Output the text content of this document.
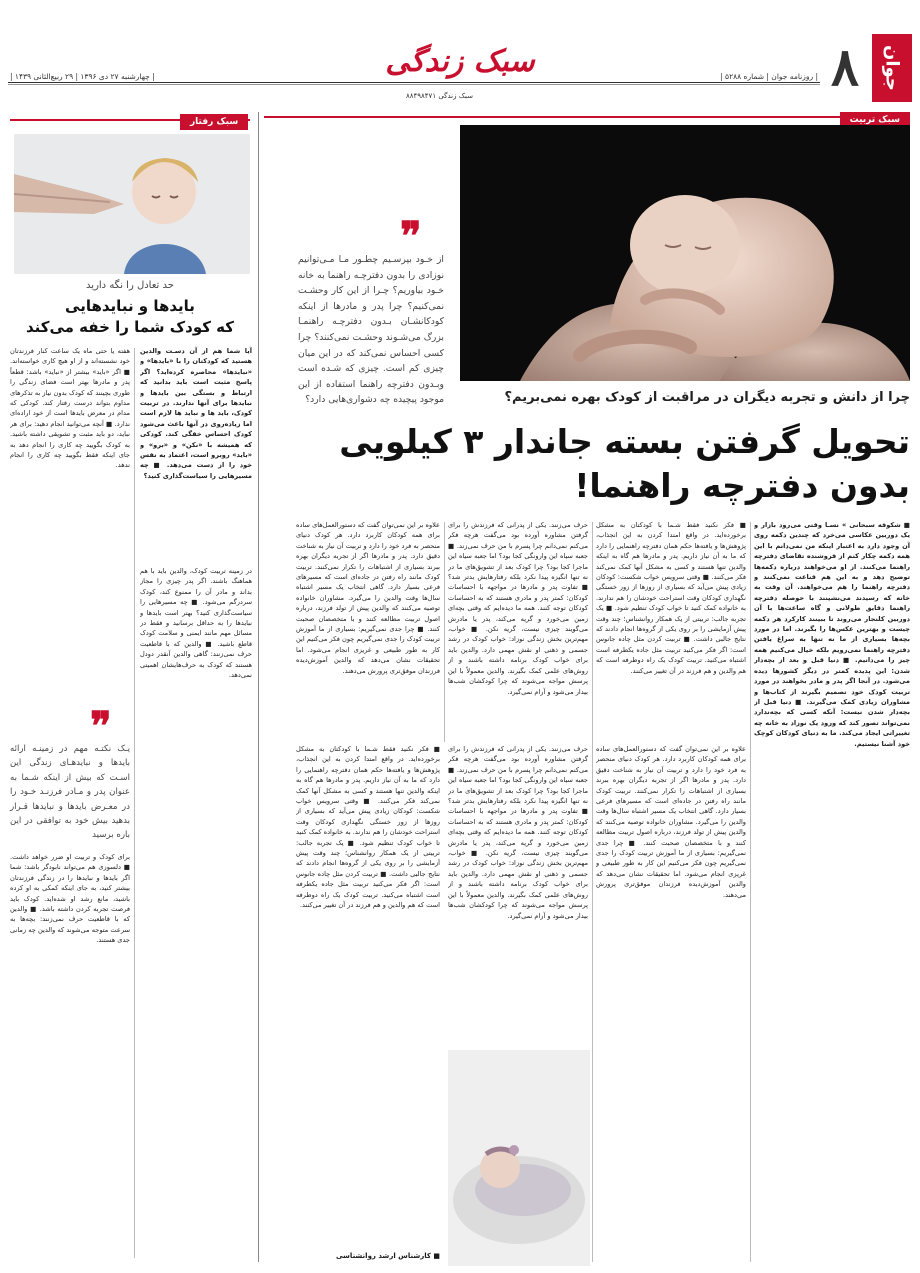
جوان
۸
| روزنامه جوان | شماره ۵۲۸۸ |
| چهارشنبه ۲۷ دی ۱۳۹۶ | ۲۹ ربیع‌الثانی ۱۴۳۹ |	سبک زندگی
سبک زندگی ۸۸۴۹۸۴۷۱
سبک تربیت
❞
از خـود بپرسـیم چطـور مـا مـی‌توانیم نوزادی را بدون دفترچـه راهنما به خانه خـود بیاوریم؟ چـرا از این کار وحشـت نمی‌کنیم؟ چرا پدر و مادرها از اینکه کودکانشـان بـدون دفترچـه راهنمـا بزرگ می‌شـوند وحشـت نمی‌کنند؟ چرا کسی احساس نمی‌کند که در این میان چیزی کم‌ است. چیزی که شـده است وبـدون دفترچه راهنما استفاده از این موجود پیچیده چه دشواری‌هایی دارد؟	چرا از دانش و تجربه دیگران در مراقبت از کودک بهره نمی‌بریم؟
تحویل گرفتن بسته جاندار ۳ کیلویی
بدون دفترچه راهنما!
■ شکوفه سبحانی » نسـا وقتی می‌رود بازار و یک دوربین عکاسی می‌خرد که چندین دکمه روی آن وجود دارد به اعتبار اینکه من نمی‌دانم با این همه دکمه چکار کنم از فروشنده تقاضای دفترچه راهنما می‌کنند. از او می‌خواهند درباره دکمه‌ها توضیح دهد و به این هم قناعت نمی‌کنند و دفترچه راهنما را هم می‌خواهند. آن وقت به خانه که رسیدند می‌نشینند با حوصله دفترچه راهنما دقایق طولانی و گاه ساعت‌ها با آن دوربین کلنجار می‌روند تا ببینند کارکرد هر دکمه چیست و بهترین عکس‌ها را بگیرند. اما در مورد بچه‌ها بسیاری از ما نه تنها به سراغ یافتن دفترچه راهنما نمی‌رویم بلکه خیال می‌کنیم همه چیز را می‌دانیم. ■ دنیا قبل و بعد از بچه‌دار شدن: این پدیده کمتر در دیگر کشورها دیده می‌شود. در آنجا اگر پدر و مادر بخواهند در مورد تربیت کودک خود تصمیم بگیرند از کتاب‌ها و مشاوران زیادی کمک می‌گیرند. ■ دنیا قبل از بچه‌دار شدن نیست: آنکه کسی که بچه‌ندارد نمی‌تواند تصور کند که ورود یک نوزاد به خانه چه تغییراتی ایجاد می‌کند. ما به دنیای کودکان کوچک خود آشنا نیستیم.
■ فکر نکنید فقط شـما با کودکتان به مشکل برخورده‌اید. در واقع امتدا کردن به این انجذاب، پژوهش‌ها و یافته‌ها حکم همان دفترچه راهنمایی را دارد که ما به آن نیاز داریم. پدر و مادرها هم گاه به اینکه والدین تنها هستند و کسی به مشکل آنها کمک نمی‌کند فکر می‌کنند. ■ وقتی سرویس خواب شکست: کودکان زیادی پیش می‌آید که بسیاری از روزها از زور خستگی نگهداری کودکان وقت استراحت خودشان را هم ندارند. به خانواده کمک کنید تا خواب کودک تنظیم شود. ■ یک تجربه جالب: تربیتی از یک همکار روانشناس؛ چند وقت پیش آزمایشی را بر روی یکی از گروه‌ها انجام دادند که نتایج جالبی داشت. ■ تربیت کردن مثل چاده جانوس است: اگر فکر می‌کنید تربیت مثل جاده یکطرفه است اشتباه می‌کنید. تربیت کودک یک راه دوطرفه است که هم والدین و هم فرزند در آن تغییر می‌کنند.
حرف می‌زنند. یکی از پدرانی که فرزندش را برای گرفتن مشاوره آورده بود می‌گفت هرچه فکر می‌کنم نمی‌دانم چرا پسرم با من حرف نمی‌زند. ■ جعبه سیاه این وارونگی کجا بود؟ اما جعبه سیاه این ماجرا کجا بود؟ چرا کودک بعد از تشویق‌های ما در نه تنها انگیزه پیدا نکرد بلکه رفتارهایش بدتر شد؟ ■ تفاوت پدر و مادرها در مواجهه با احساسات کودکان: کمتر پدر و مادری هستند که به احساسات کودکان توجه کنند. همه ما دیده‌ایم که وقتی بچه‌ای زمین می‌خورد و گریه می‌کند، پدر یا مادرش می‌گویند چیزی نیست، گریه نکن. ■ خواب، مهم‌ترین بخش زندگی نوزاد: خواب کودک در رشد جسمی و ذهنی او نقش مهمی دارد. والدین باید برای خواب کودک برنامه داشته باشند و از روش‌های علمی کمک بگیرند. والدین معمولاً با این پرسش مواجه می‌شوند که چرا کودکشان شب‌ها بیدار می‌شود و آرام نمی‌گیرد.
علاوه بر این نمی‌توان گفت که دستورالعمل‌های ساده برای همه کودکان کاربرد دارد. هر کودک دنیای منحصر به فرد خود را دارد و تربیت آن نیاز به شناخت دقیق دارد. پدر و مادرها اگر از تجربه دیگران بهره ببرند بسیاری از اشتباهات را تکرار نمی‌کنند. تربیت کودک مانند راه رفتن در جاده‌ای است که مسیرهای فرعی بسیار دارد. گاهی انتخاب یک مسیر اشتباه سال‌ها وقت والدین را می‌گیرد. مشاوران خانواده توصیه می‌کنند که والدین پیش از تولد فرزند، درباره اصول تربیت مطالعه کنند و با متخصصان صحبت کنند. ■ چرا جدی نمی‌گیریم: بسیاری از ما آموزش تربیت کودک را جدی نمی‌گیریم چون فکر می‌کنیم این کار به طور طبیعی و غریزی انجام می‌شود. اما تحقیقات نشان می‌دهد که والدین آموزش‌دیده فرزندان موفق‌تری پرورش می‌دهند.
علاوه بر این نمی‌توان گفت که دستورالعمل‌های ساده برای همه کودکان کاربرد دارد. هر کودک دنیای منحصر به فرد خود را دارد و تربیت آن نیاز به شناخت دقیق دارد. پدر و مادرها اگر از تجربه دیگران بهره ببرند بسیاری از اشتباهات را تکرار نمی‌کنند. تربیت کودک مانند راه رفتن در جاده‌ای است که مسیرهای فرعی بسیار دارد. گاهی انتخاب یک مسیر اشتباه سال‌ها وقت والدین را می‌گیرد. مشاوران خانواده توصیه می‌کنند که والدین پیش از تولد فرزند، درباره اصول تربیت مطالعه کنند و با متخصصان صحبت کنند. ■ چرا جدی نمی‌گیریم: بسیاری از ما آموزش تربیت کودک را جدی نمی‌گیریم چون فکر می‌کنیم این کار به طور طبیعی و غریزی انجام می‌شود. اما تحقیقات نشان می‌دهد که والدین آموزش‌دیده فرزندان موفق‌تری پرورش می‌دهند.
حرف می‌زنند. یکی از پدرانی که فرزندش را برای گرفتن مشاوره آورده بود می‌گفت هرچه فکر می‌کنم نمی‌دانم چرا پسرم با من حرف نمی‌زند. ■ جعبه سیاه این وارونگی کجا بود؟ اما جعبه سیاه این ماجرا کجا بود؟ چرا کودک بعد از تشویق‌های ما در نه تنها انگیزه پیدا نکرد بلکه رفتارهایش بدتر شد؟ ■ تفاوت پدر و مادرها در مواجهه با احساسات کودکان: کمتر پدر و مادری هستند که به احساسات کودکان توجه کنند. همه ما دیده‌ایم که وقتی بچه‌ای زمین می‌خورد و گریه می‌کند، پدر یا مادرش می‌گویند چیزی نیست، گریه نکن. ■ خواب، مهم‌ترین بخش زندگی نوزاد: خواب کودک در رشد جسمی و ذهنی او نقش مهمی دارد. والدین باید برای خواب کودک برنامه داشته باشند و از روش‌های علمی کمک بگیرند. والدین معمولاً با این پرسش مواجه می‌شوند که چرا کودکشان شب‌ها بیدار می‌شود و آرام نمی‌گیرد.
■ فکر نکنید فقط شـما با کودکتان به مشکل برخورده‌اید. در واقع امتدا کردن به این انجذاب، پژوهش‌ها و یافته‌ها حکم همان دفترچه راهنمایی را دارد که ما به آن نیاز داریم. پدر و مادرها هم گاه به اینکه والدین تنها هستند و کسی به مشکل آنها کمک نمی‌کند فکر می‌کنند. ■ وقتی سرویس خواب شکست: کودکان زیادی پیش می‌آید که بسیاری از روزها از زور خستگی نگهداری کودکان وقت استراحت خودشان را هم ندارند. به خانواده کمک کنید تا خواب کودک تنظیم شود. ■ یک تجربه جالب: تربیتی از یک همکار روانشناس؛ چند وقت پیش آزمایشی را بر روی یکی از گروه‌ها انجام دادند که نتایج جالبی داشت. ■ تربیت کردن مثل چاده جانوس است: اگر فکر می‌کنید تربیت مثل جاده یکطرفه است اشتباه می‌کنید. تربیت کودک یک راه دوطرفه است که هم والدین و هم فرزند در آن تغییر می‌کنند.
■ کارشناس ارشد روانشناسی
سبک رفتار
حد تعادل را نگه دارید
بایدها و نبایدهایی
که کودک شما را خفه می‌کند
آیا شما هم از آن دسـت والدین هستید که کودکتان را با «بایدها» و «نبایدها» محاصره کرده‌اید؟ اگر پاسخ مثبت است باید بدانید که ارتباط و بستگی بین بایدها و نبایدها برای آنها ندارند. در تربیت کودک، باید ها و نباید ها لازم است اما زیاده‌روی در آنها باعث می‌شود کودک احساس خفگی کند. کودکی که همیشه با «نکن» و «برو» و «باید» روبرو است، اعتماد به نفس خود را از دست می‌دهد. ■ چه مسیرهایی را سیاست‌گذاری کنید؟
هفته یا حتی ماه یک ساعت کنار فرزندتان خود نشسته‌اند و از او هیچ کاری خواسته‌اند. ■ اگر «باید» بیشتر از «نباید» باشد: قطعاً پدر و مادرها بهتر است فضای زندگی را طوری بچینند که کودک بدون نیاز به تذکرهای مداوم بتواند درست رفتار کند. کودکی که مدام در معرض بایدها است از خود اراده‌ای ندارد. ■ آنچه می‌توانید انجام دهید: برای هر نباید، دو باید مثبت و تشویقی داشته باشید. به کودک بگویید چه کاری را انجام دهد به جای اینکه فقط بگویید چه کاری را انجام ندهد.
در زمینه تربیت کودک، والدین باید با هم هماهنگ باشند. اگر پدر چیزی را مجاز بداند و مادر آن را ممنوع کند، کودک سردرگم می‌شود. ■ چه مسیرهایی را سیاست‌گذاری کنید؟ بهتر است بایدها و نبایدها را به حداقل برسانید و فقط در مسائل مهم مانند ایمنی و سلامت کودک قاطع باشید. ■ والدین که با قاطعیت حرف نمی‌زنند: گاهی والدین آنقدر دودل هستند که کودک به حرف‌هایشان اهمیتی نمی‌دهد.
❞
یـک نکتـه مهم در زمینـه ارائه بایدها و نبایدهـای زندگی این اسـت که بیش از اینکه شـما به عنوان پدر و مـادر فرزنـد خـود را در معـرض بایدها و نبایدها قـرار بدهید بیش خود به توافقی در این باره برسید
برای کودک و تربیت او ضرر خواهد داشت. ■ دلسوزی هم می‌تواند نابودگر باشد: شما اگر بایدها و نبایدها را در زندگی فرزندتان بیشتر کنید، به‌ جای اینکه کمکی به او کرده باشید، مانع رشد او شده‌اید. کودک باید فرصت تجربه کردن داشته باشد. ■ والدین که با قاطعیت حرف نمی‌زنند: بچه‌ها به سرعت متوجه می‌شوند که والدین چه زمانی جدی هستند.
